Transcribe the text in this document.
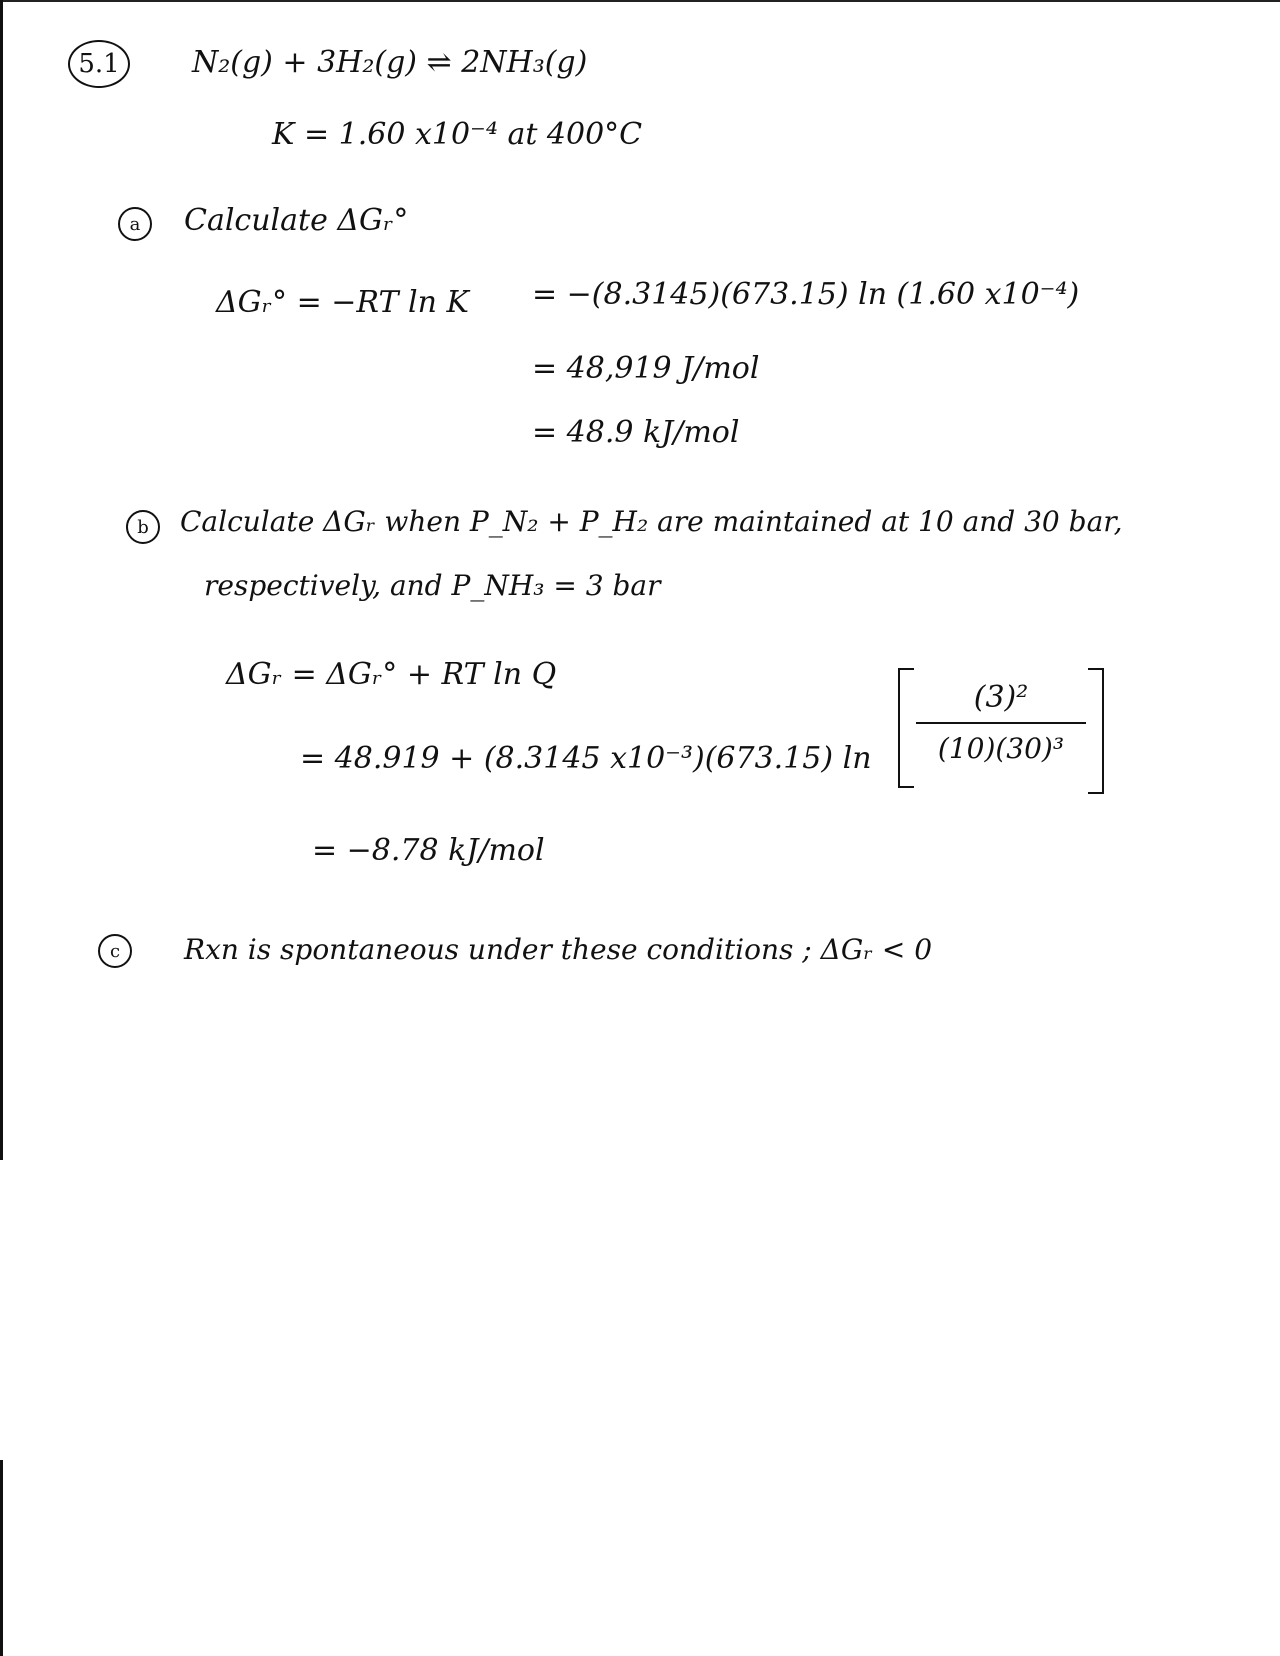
5.1 N₂(g) + 3H₂(g) ⇌ 2NH₃(g)
K = 1.60 x10⁻⁴ at 400°C
a Calculate ΔGᵣ°
ΔGᵣ° = −RT ln K = −(8.3145)(673.15) ln (1.60 x10⁻⁴)
= 48,919 J/mol
= 48.9 kJ/mol
b Calculate ΔGᵣ when P_N₂ + P_H₂ are maintained at 10 and 30 bar,
respectively, and P_NH₃ = 3 bar
ΔGᵣ = ΔGᵣ° + RT ln Q
= 48.919 + (8.3145 x10⁻³)(673.15) ln
(3)²
(10)(30)³
= −8.78 kJ/mol
c Rxn is spontaneous under these conditions ; ΔGᵣ < 0
